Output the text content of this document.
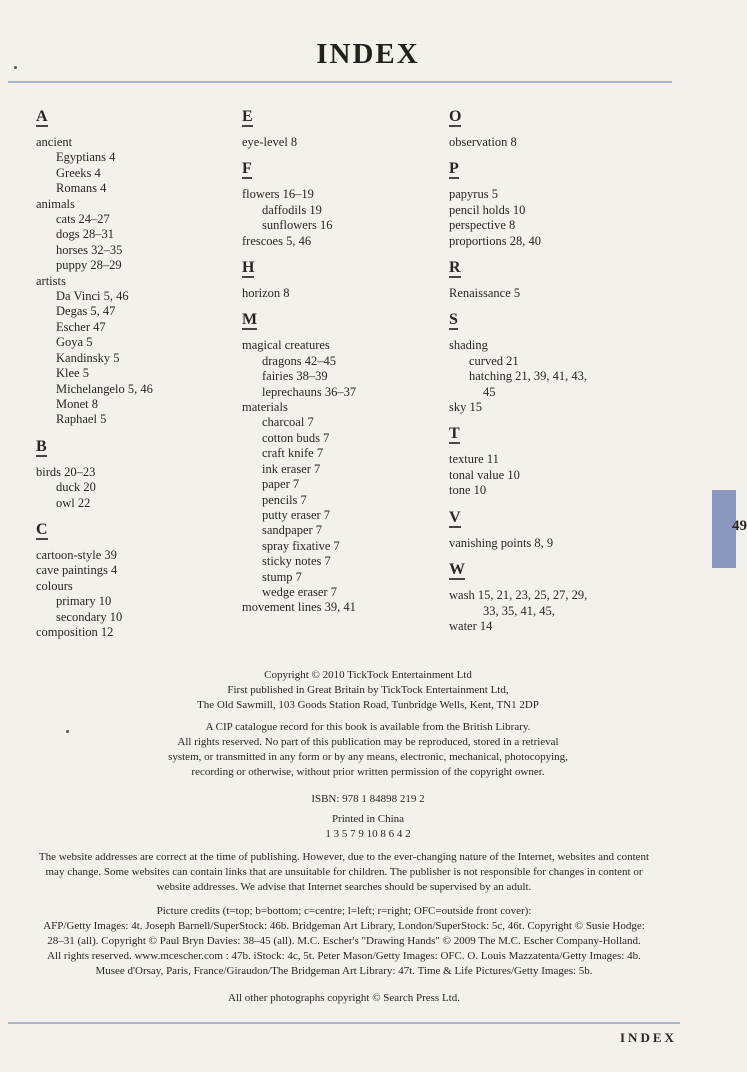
INDEX
A
ancient
Egyptians 4
Greeks 4
Romans 4
animals
cats 24–27
dogs 28–31
horses 32–35
puppy 28–29
artists
Da Vinci 5, 46
Degas 5, 47
Escher 47
Goya 5
Kandinsky 5
Klee 5
Michelangelo 5, 46
Monet 8
Raphael 5
B
birds 20–23
duck 20
owl 22
C
cartoon-style 39
cave paintings 4
colours
primary 10
secondary 10
composition 12
E
eye-level 8
F
flowers 16–19
daffodils 19
sunflowers 16
frescoes 5, 46
H
horizon 8
M
magical creatures
dragons 42–45
fairies 38–39
leprechauns 36–37
materials
charcoal 7
cotton buds 7
craft knife 7
ink eraser 7
paper 7
pencils 7
putty eraser 7
sandpaper 7
spray fixative 7
sticky notes 7
stump 7
wedge eraser 7
movement lines 39, 41
O
observation 8
P
papyrus 5
pencil holds 10
perspective 8
proportions 28, 40
R
Renaissance 5
S
shading
curved 21
hatching 21, 39, 41, 43,
45
sky 15
T
texture 11
tonal value 10
tone 10
V
vanishing points 8, 9
W
wash 15, 21, 23, 25, 27, 29,
33, 35, 41, 45,
water 14
49

Copyright © 2010 TickTock Entertainment Ltd

First published in Great Britain by TickTock Entertainment Ltd,

The Old Sawmill, 103 Goods Station Road, Tunbridge Wells, Kent, TN1 2DP

A CIP catalogue record for this book is available from the British Library.

All rights reserved. No part of this publication may be reproduced, stored in a retrieval

system, or transmitted in any form or by any means, electronic, mechanical, photocopying,

recording or otherwise, without prior written permission of the copyright owner.

ISBN: 978 1 84898 219 2

Printed in China

1 3 5 7 9 10 8 6 4 2

The website addresses are correct at the time of publishing. However, due to the ever-changing nature of the Internet, websites and content

may change. Some websites can contain links that are unsuitable for children. The publisher is not responsible for changes in content or

website addresses. We advise that Internet searches should be supervised by an adult.

Picture credits (t=top; b=bottom; c=centre; l=left; r=right; OFC=outside front cover):

AFP/Getty Images: 4t. Joseph Barnell/SuperStock: 46b. Bridgeman Art Library, London/SuperStock: 5c, 46t. Copyright © Susie Hodge:

28–31 (all). Copyright © Paul Bryn Davies: 38–45 (all). M.C. Escher's "Drawing Hands" © 2009 The M.C. Escher Company-Holland.

All rights reserved. www.mcescher.com : 47b. iStock: 4c, 5t. Peter Mason/Getty Images: OFC. O. Louis Mazzatenta/Getty Images: 4b.

Musee d'Orsay, Paris, France/Giraudon/The Bridgeman Art Library: 47t. Time & Life Pictures/Getty Images: 5b.

All other photographs copyright © Search Press Ltd.

INDEX
